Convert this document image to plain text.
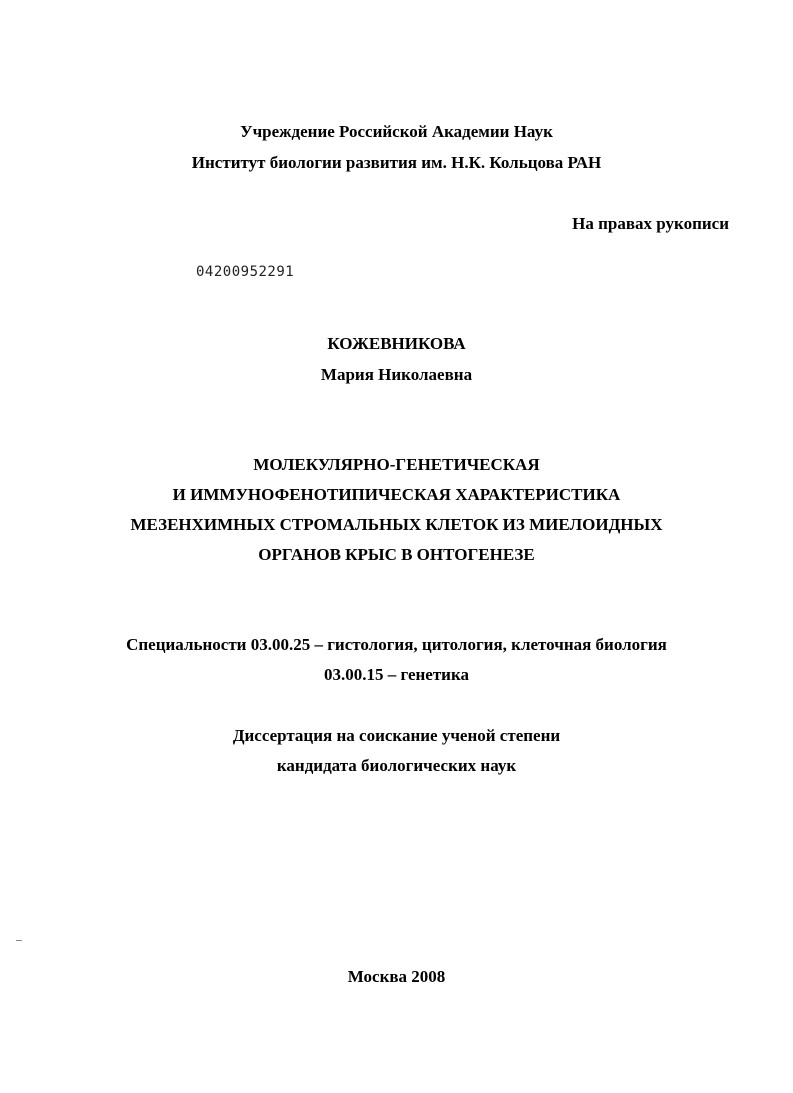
Учреждение Российской Академии Наук
Институт биологии развития им. Н.К. Кольцова РАН
На правах рукописи
04200952291
КОЖЕВНИКОВА
Мария Николаевна
МОЛЕКУЛЯРНО-ГЕНЕТИЧЕСКАЯ
И ИММУНОФЕНОТИПИЧЕСКАЯ ХАРАКТЕРИСТИКА
МЕЗЕНХИМНЫХ СТРОМАЛЬНЫХ КЛЕТОК ИЗ МИЕЛОИДНЫХ
ОРГАНОВ КРЫС В ОНТОГЕНЕЗЕ
Специальности 03.00.25 – гистология, цитология, клеточная биология
03.00.15 – генетика
Диссертация на соискание ученой степени
кандидата биологических наук
Москва 2008
